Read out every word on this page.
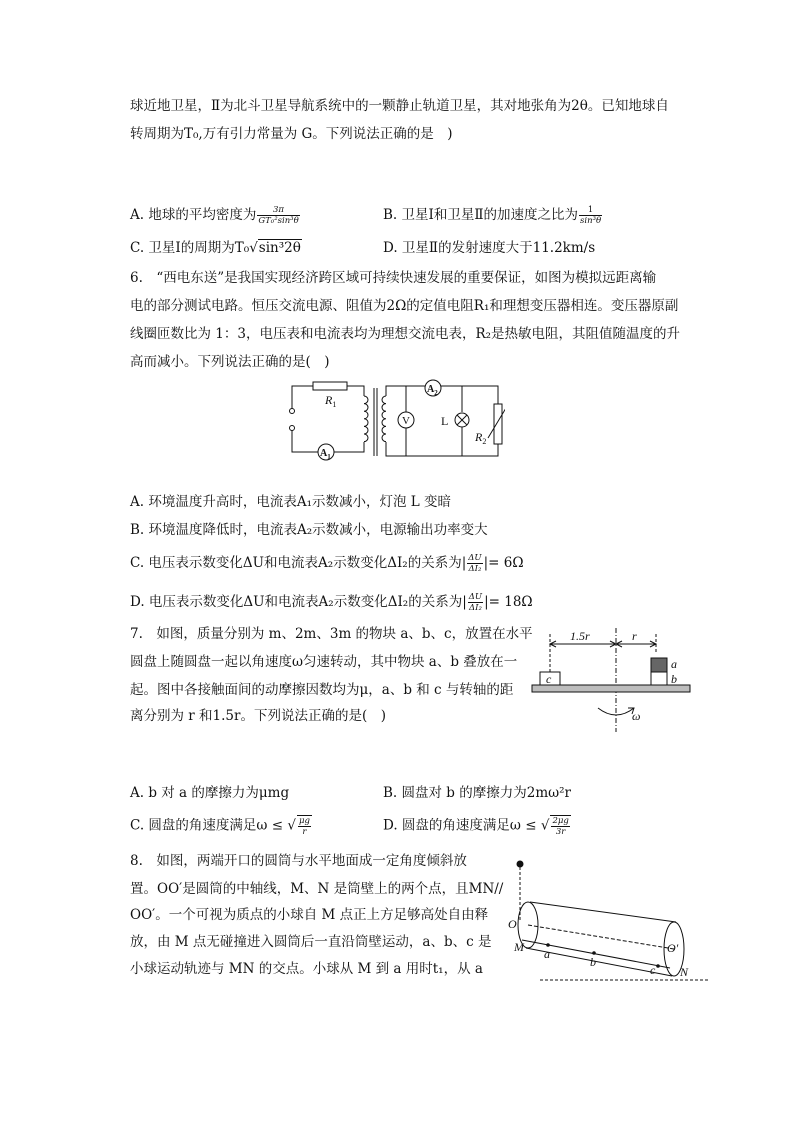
球近地卫星，Ⅱ为北斗卫星导航系统中的一颗静止轨道卫星，其对地张角为2θ。已知地球自
转周期为T₀,万有引力常量为 G。下列说法正确的是　)
A. 地球的平均密度为 $\frac{3\pi}{\text{GT₀²sin³θ}}$	B. 卫星Ⅰ和卫星Ⅱ的加速度之比为 $\frac{1}{\text{sin³θ}}$
C. 卫星Ⅰ的周期为T₀√sin³2θ	D. 卫星Ⅱ的发射速度大于11.2km/s
6.　“西电东送”是我国实现经济跨区域可持续快速发展的重要保证，如图为模拟远距离输
电的部分测试电路。恒压交流电源、阻值为2Ω的定值电阻R₁和理想变压器相连。变压器原副
线圈匝数比为 1：3，电压表和电流表均为理想交流电表，R₂是热敏电阻，其阻值随温度的升
高而减小。下列说法正确的是(　)
$R_1$
$A_1$
$A_2$
V	L
$R_2$
A. 环境温度升高时，电流表A₁示数减小，灯泡 L 变暗
B. 环境温度降低时，电流表A₂示数减小，电源输出功率变大
C. 电压表示数变化ΔU和电流表A₂示数变化ΔI₂的关系为| $\frac{\Delta U}{\text{ΔI₂}}$ |= 6Ω
D. 电压表示数变化ΔU和电流表A₂示数变化ΔI₂的关系为| $\frac{\Delta U}{\text{ΔI₂}}$ |= 18Ω
7.　如图，质量分别为 m、2m、3m 的物块 a、b、c，放置在水平
圆盘上随圆盘一起以角速度ω匀速转动，其中物块 a、b 叠放在一
起。图中各接触面间的动摩擦因数均为μ，a、b 和 c 与转轴的距
离分别为 r 和1.5r。下列说法正确的是(　)
1.5r	r
c
a
b
ω
A. b 对 a 的摩擦力为μmg	B. 圆盘对 b 的摩擦力为2mω²r
C. 圆盘的角速度满足ω ≤ √ $\frac{\mu g}{r}$	D. 圆盘的角速度满足ω ≤ √ $\frac{2\mu g}{3r}$
8.　如图，两端开口的圆筒与水平地面成一定角度倾斜放
置。OO′是圆筒的中轴线，M、N 是筒壁上的两个点，且MN//
OO′。一个可视为质点的小球自 M 点正上方足够高处自由释
放，由 M 点无碰撞进入圆筒后一直沿筒壁运动，a、b、c 是
小球运动轨迹与 MN 的交点。小球从 M 到 a 用时t₁，从 a
O
O′
M
N
a
b
c
